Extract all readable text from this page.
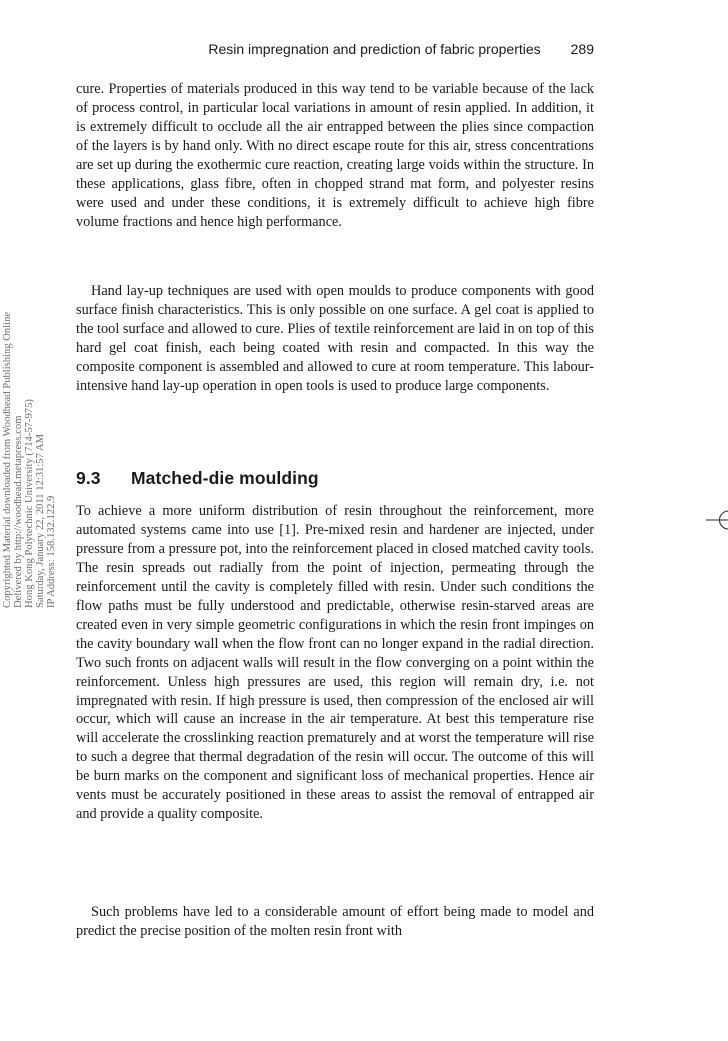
Resin impregnation and prediction of fabric properties 289
Copyrighted Material downloaded from Woodhead Publishing Online Delivered by http://woodhead.metapress.com Hong Kong Polytechnic University (714-57-975) Saturday, January 22, 2011 12:31:57 AM IP Address: 158.132.122.9

cure. Properties of materials produced in this way tend to be variable because of the lack of process control, in particular local variations in amount of resin applied. In addition, it is extremely difficult to occlude all the air entrapped between the plies since compaction of the layers is by hand only. With no direct escape route for this air, stress concentrations are set up during the exothermic cure reaction, creating large voids within the structure. In these applications, glass fibre, often in chopped strand mat form, and polyester resins were used and under these conditions, it is extremely difficult to achieve high fibre volume fractions and hence high performance.

Hand lay-up techniques are used with open moulds to produce components with good surface finish characteristics. This is only possible on one surface. A gel coat is applied to the tool surface and allowed to cure. Plies of textile reinforcement are laid in on top of this hard gel coat finish, each being coated with resin and compacted. In this way the composite component is assembled and allowed to cure at room temperature. This labour-intensive hand lay-up operation in open tools is used to produce large components.

9.3 Matched-die moulding

To achieve a more uniform distribution of resin throughout the reinforcement, more automated systems came into use [1]. Pre-mixed resin and hardener are injected, under pressure from a pressure pot, into the reinforcement placed in closed matched cavity tools. The resin spreads out radially from the point of injection, permeating through the reinforcement until the cavity is completely filled with resin. Under such conditions the flow paths must be fully understood and predictable, otherwise resin-starved areas are created even in very simple geometric configurations in which the resin front impinges on the cavity boundary wall when the flow front can no longer expand in the radial direction. Two such fronts on adjacent walls will result in the flow converging on a point within the reinforcement. Unless high pressures are used, this region will remain dry, i.e. not impregnated with resin. If high pressure is used, then compression of the enclosed air will occur, which will cause an increase in the air temperature. At best this temperature rise will accelerate the crosslinking reaction prematurely and at worst the temperature will rise to such a degree that thermal degradation of the resin will occur. The outcome of this will be burn marks on the component and significant loss of mechanical properties. Hence air vents must be accurately positioned in these areas to assist the removal of entrapped air and provide a quality composite.

Such problems have led to a considerable amount of effort being made to model and predict the precise position of the molten resin front with
